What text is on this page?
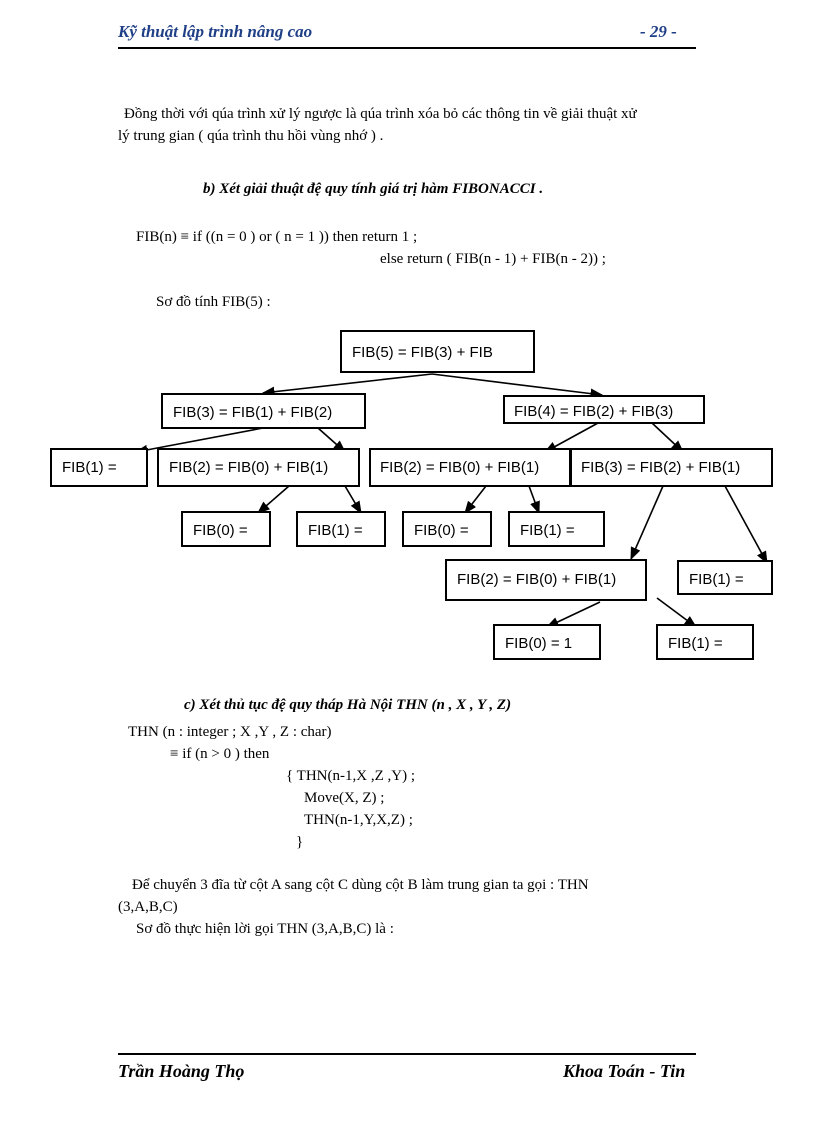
Kỹ thuật lập trình nâng cao	- 29 -
Đồng thời với qúa trình xử lý ngược là qúa trình xóa bỏ các thông tin về giải thuật xử
lý trung gian ( qúa trình thu hồi vùng nhớ ) .
b) Xét giải thuật đệ quy tính giá trị hàm FIBONACCI .
FIB(n) ≡ if ((n = 0 ) or ( n = 1 )) then return 1 ;
else return ( FIB(n - 1) + FIB(n - 2)) ;
Sơ đồ tính FIB(5) :
FIB(5) = FIB(3) + FIB
FIB(3) = FIB(1) + FIB(2)	FIB(4) = FIB(2) + FIB(3)
FIB(1) =	FIB(2) = FIB(0) + FIB(1)	FIB(2) = FIB(0) + FIB(1)	FIB(3) = FIB(2) + FIB(1)
FIB(0) =	FIB(1) =	FIB(0) =	FIB(1) =
FIB(2) = FIB(0) + FIB(1)	FIB(1) =
FIB(0) = 1	FIB(1) =
c) Xét thủ tục đệ quy tháp Hà Nội THN (n , X , Y , Z)
THN (n : integer ; X ,Y , Z : char)
≡ if (n > 0 ) then
{ THN(n-1,X ,Z ,Y) ;
Move(X, Z) ;
THN(n-1,Y,X,Z) ;
}
Để chuyển 3 đĩa từ cột A sang cột C dùng cột B làm trung gian ta gọi : THN
(3,A,B,C)
Sơ đồ thực hiện lời gọi THN (3,A,B,C) là :
Trần Hoàng Thọ	Khoa Toán - Tin
